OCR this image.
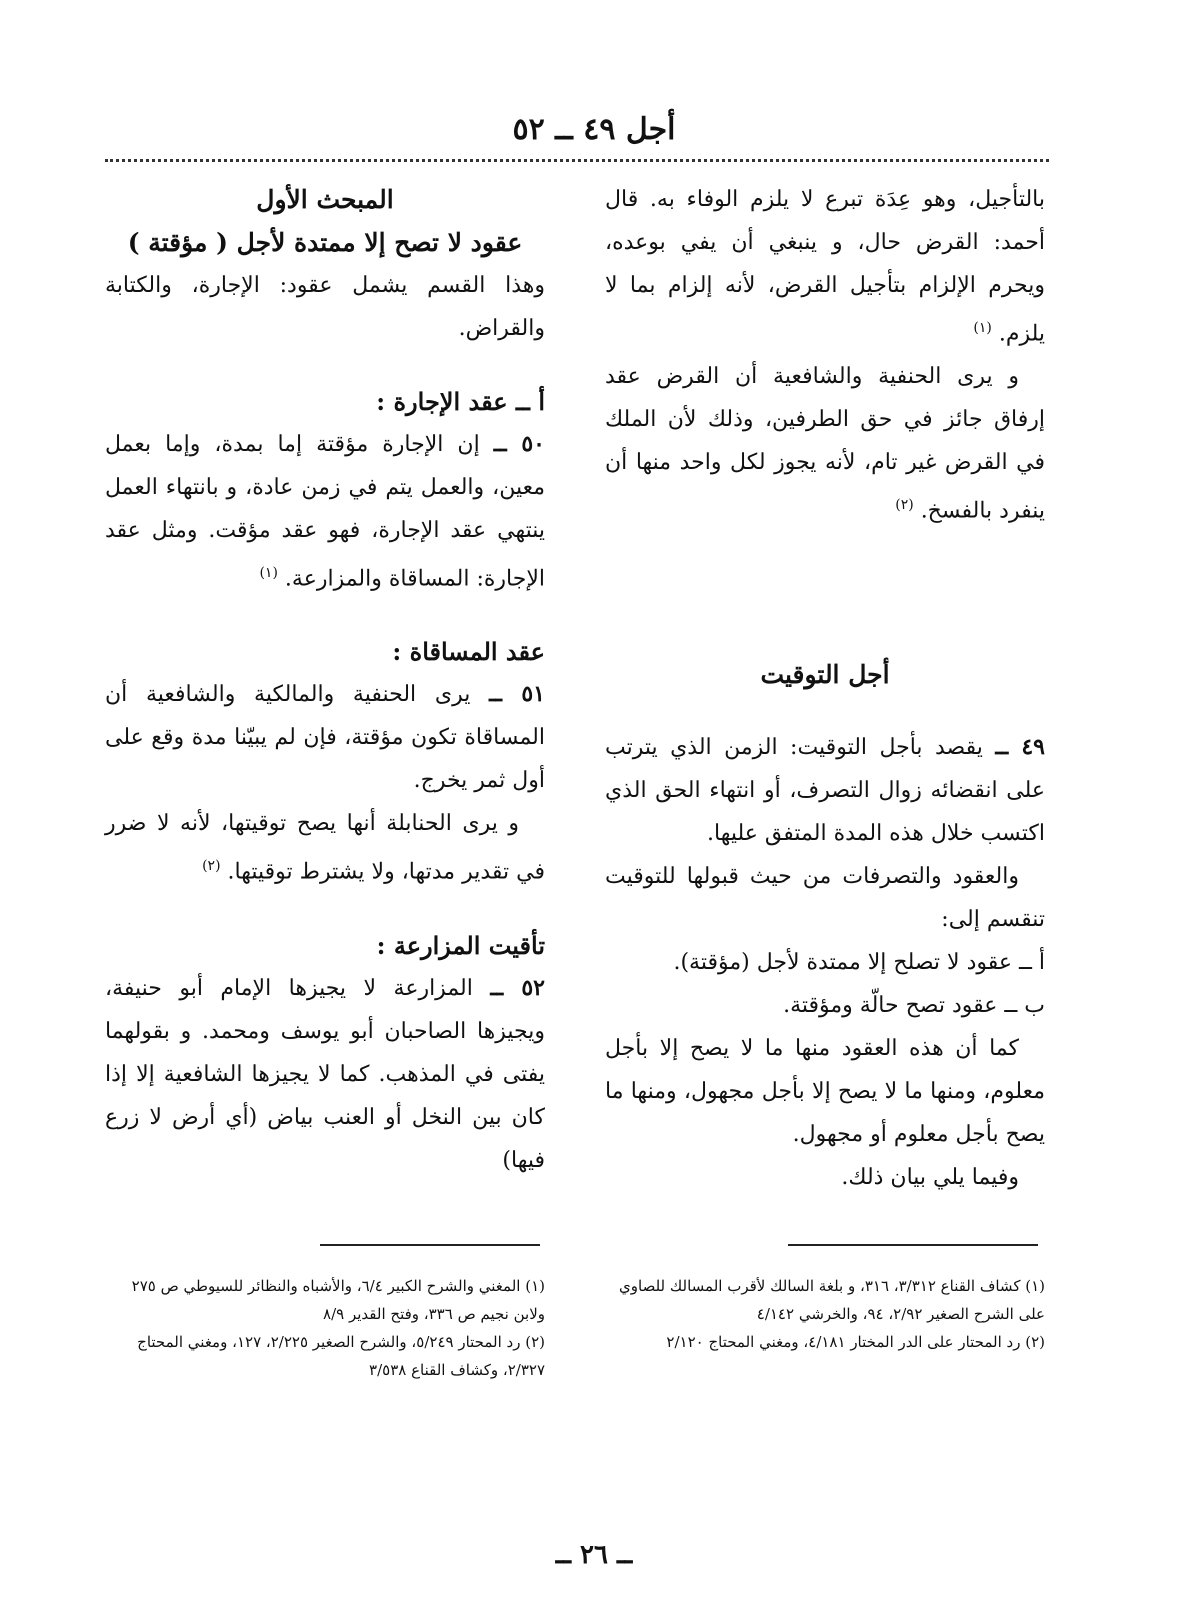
أجل ٤٩ ــ ٥٢

بالتأجيل، وهو عِدَة تبرع لا يلزم الوفاء به. قال أحمد: القرض حال، و ينبغي أن يفي بوعده، ويحرم الإلزام بتأجيل القرض، لأنه إلزام بما لا يلزم. $^{(١)}$

و يرى الحنفية والشافعية أن القرض عقد إرفاق جائز في حق الطرفين، وذلك لأن الملك في القرض غير تام، لأنه يجوز لكل واحد منها أن ينفرد بالفسخ. $^{(٢)}$

أجل التوقيت

٤٩ ــ يقصد بأجل التوقيت: الزمن الذي يترتب على انقضائه زوال التصرف، أو انتهاء الحق الذي اكتسب خلال هذه المدة المتفق عليها.

والعقود والتصرفات من حيث قبولها للتوقيت تنقسم إلى:

أ ــ عقود لا تصلح إلا ممتدة لأجل (مؤقتة).

ب ــ عقود تصح حالّة ومؤقتة.

كما أن هذه العقود منها ما لا يصح إلا بأجل معلوم، ومنها ما لا يصح إلا بأجل مجهول، ومنها ما يصح بأجل معلوم أو مجهول.

وفيما يلي بيان ذلك.

المبحث الأول

عقود لا تصح إلا ممتدة لأجل ( مؤقتة )

وهذا القسم يشمل عقود: الإجارة، والكتابة والقراض.

أ ــ عقد الإجارة :

٥٠ ــ إن الإجارة مؤقتة إما بمدة، وإما بعمل معين، والعمل يتم في زمن عادة، و بانتهاء العمل ينتهي عقد الإجارة، فهو عقد مؤقت. ومثل عقد الإجارة: المساقاة والمزارعة. $^{(١)}$

عقد المساقاة :

٥١ ــ يرى الحنفية والمالكية والشافعية أن المساقاة تكون مؤقتة، فإن لم يبيّنا مدة وقع على أول ثمر يخرج.

و يرى الحنابلة أنها يصح توقيتها، لأنه لا ضرر في تقدير مدتها، ولا يشترط توقيتها. $^{(٢)}$

تأقيت المزارعة :

٥٢ ــ المزارعة لا يجيزها الإمام أبو حنيفة، ويجيزها الصاحبان أبو يوسف ومحمد. و بقولهما يفتى في المذهب. كما لا يجيزها الشافعية إلا إذا كان بين النخل أو العنب بياض (أي أرض لا زرع فيها)

(١) كشاف القناع ٣/٣١٢، ٣١٦، و بلغة السالك لأقرب المسالك للصاوي على الشرح الصغير ٢/٩٢، ٩٤، والخرشي ٤/١٤٢

(٢) رد المحتار على الدر المختار ٤/١٨١، ومغني المحتاج ٢/١٢٠

(١) المغني والشرح الكبير ٦/٤، والأشباه والنظائر للسيوطي ص ٢٧٥ ولابن نجيم ص ٣٣٦، وفتح القدير ٨/٩

(٢) رد المحتار ٥/٢٤٩، والشرح الصغير ٢/٢٢٥، ١٢٧، ومغني المحتاج ٢/٣٢٧، وكشاف القناع ٣/٥٣٨

ــ ٢٦ ــ
